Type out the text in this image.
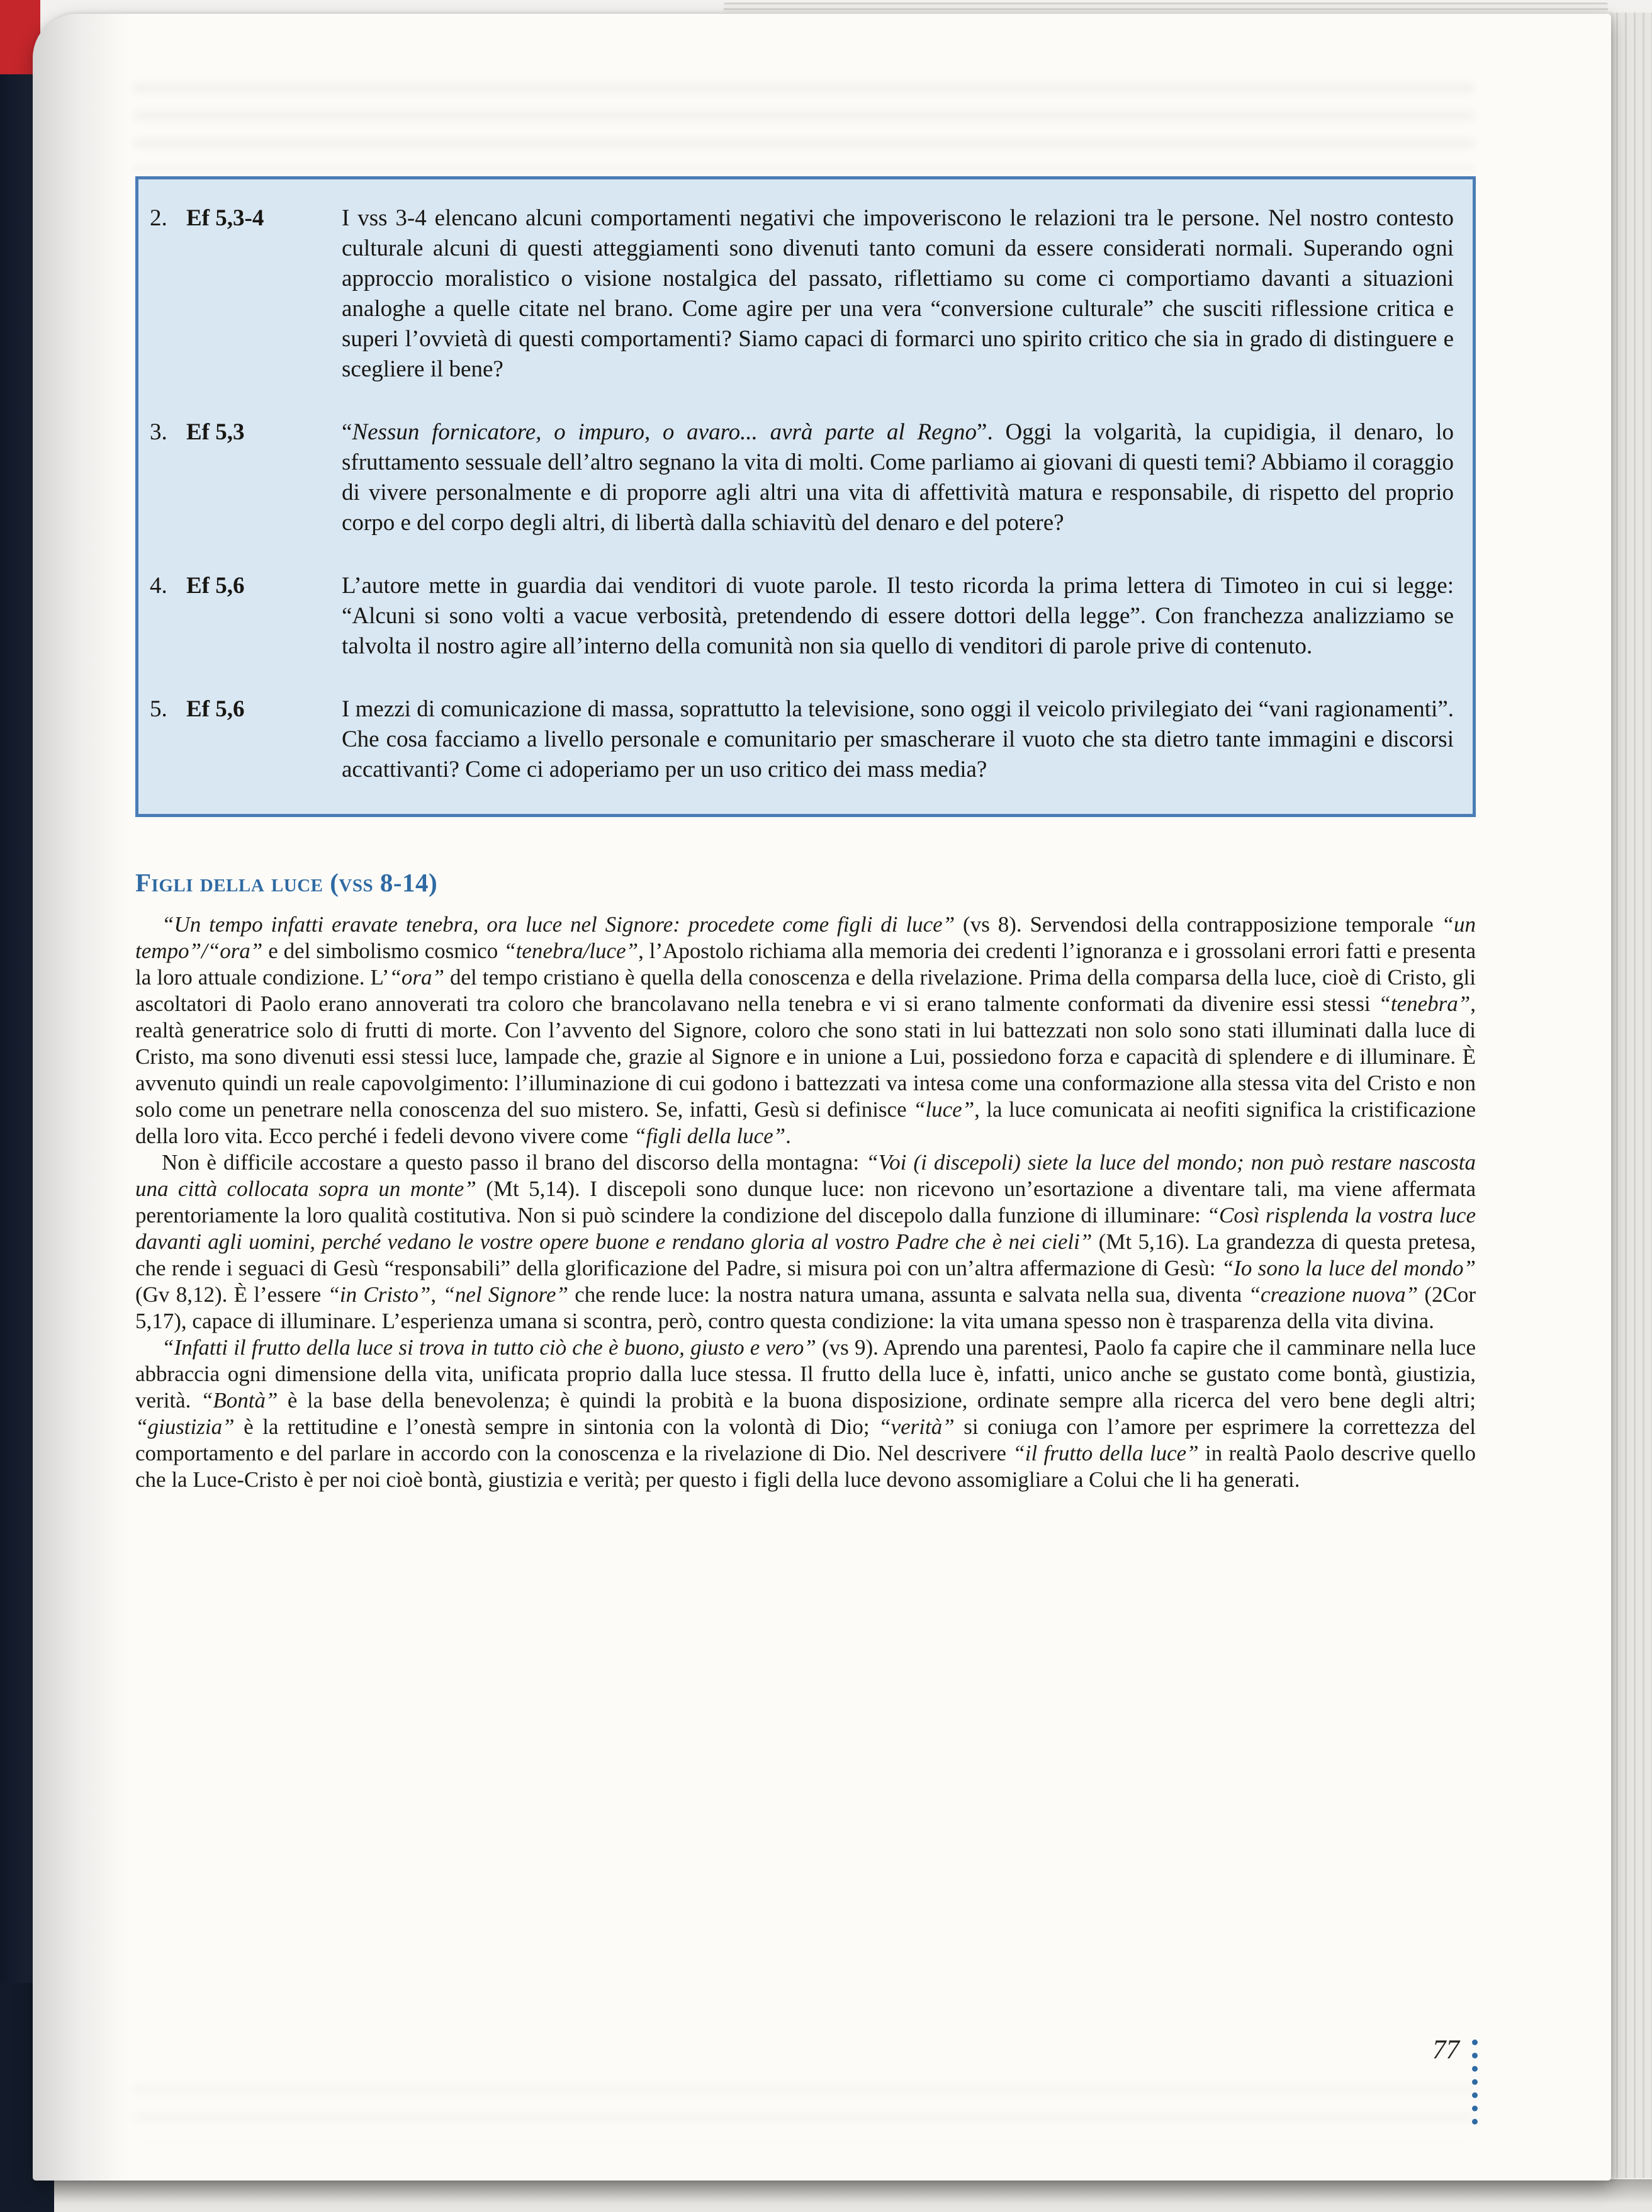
2. Ef 5,3-4	I vss 3-4 elencano alcuni comportamenti negativi che impoveriscono le relazioni tra le persone. Nel nostro contesto culturale alcuni di questi atteggiamenti sono divenuti tanto comuni da essere considerati normali. Superando ogni approccio moralistico o visione nostalgica del passato, riflettiamo su come ci comportiamo davanti a situazioni analoghe a quelle citate nel brano. Come agire per una vera “conversione culturale” che susciti riflessione critica e superi l’ovvietà di questi comportamenti? Siamo capaci di formarci uno spirito critico che sia in grado di distinguere e scegliere il bene?
3. Ef 5,3	“Nessun fornicatore, o impuro, o avaro... avrà parte al Regno”. Oggi la volgarità, la cupidigia, il denaro, lo sfruttamento sessuale dell’altro segnano la vita di molti. Come parliamo ai giovani di questi temi? Abbiamo il coraggio di vivere personalmente e di proporre agli altri una vita di affettività matura e responsabile, di rispetto del proprio corpo e del corpo degli altri, di libertà dalla schiavitù del denaro e del potere?
4. Ef 5,6	L’autore mette in guardia dai venditori di vuote parole. Il testo ricorda la prima lettera di Timoteo in cui si legge: “Alcuni si sono volti a vacue verbosità, pretendendo di essere dottori della legge”. Con franchezza analizziamo se talvolta il nostro agire all’interno della comunità non sia quello di venditori di parole prive di contenuto.
5. Ef 5,6	I mezzi di comunicazione di massa, soprattutto la televisione, sono oggi il veicolo privilegiato dei “vani ragionamenti”. Che cosa facciamo a livello personale e comunitario per smascherare il vuoto che sta dietro tante immagini e discorsi accattivanti? Come ci adoperiamo per un uso critico dei mass media?
Figli della luce (vss 8-14)

“Un tempo infatti eravate tenebra, ora luce nel Signore: procedete come figli di luce” (vs 8). Servendosi della contrapposizione temporale “un tempo”/“ora” e del simbolismo cosmico “tenebra/luce”, l’Apostolo richiama alla memoria dei credenti l’ignoranza e i grossolani errori fatti e presenta la loro attuale condizione. L’“ora” del tempo cristiano è quella della conoscenza e della rivelazione. Prima della comparsa della luce, cioè di Cristo, gli ascoltatori di Paolo erano annoverati tra coloro che brancolavano nella tenebra e vi si erano talmente conformati da divenire essi stessi “tenebra”, realtà generatrice solo di frutti di morte. Con l’avvento del Signore, coloro che sono stati in lui battezzati non solo sono stati illuminati dalla luce di Cristo, ma sono divenuti essi stessi luce, lampade che, grazie al Signore e in unione a Lui, possiedono forza e capacità di splendere e di illuminare. È avvenuto quindi un reale capovolgimento: l’illuminazione di cui godono i battezzati va intesa come una conformazione alla stessa vita del Cristo e non solo come un penetrare nella conoscenza del suo mistero. Se, infatti, Gesù si definisce “luce”, la luce comunicata ai neofiti significa la cristificazione della loro vita. Ecco perché i fedeli devono vivere come “figli della luce”.

Non è difficile accostare a questo passo il brano del discorso della montagna: “Voi (i discepoli) siete la luce del mondo; non può restare nascosta una città collocata sopra un monte” (Mt 5,14). I discepoli sono dunque luce: non ricevono un’esortazione a diventare tali, ma viene affermata perentoriamente la loro qualità costitutiva. Non si può scindere la condizione del discepolo dalla funzione di illuminare: “Così risplenda la vostra luce davanti agli uomini, perché vedano le vostre opere buone e rendano gloria al vostro Padre che è nei cieli” (Mt 5,16). La grandezza di questa pretesa, che rende i seguaci di Gesù “responsabili” della glorificazione del Padre, si misura poi con un’altra affermazione di Gesù: “Io sono la luce del mondo” (Gv 8,12). È l’essere “in Cristo”, “nel Signore” che rende luce: la nostra natura umana, assunta e salvata nella sua, diventa “creazione nuova” (2Cor 5,17), capace di illuminare. L’esperienza umana si scontra, però, contro questa condizione: la vita umana spesso non è trasparenza della vita divina.

“Infatti il frutto della luce si trova in tutto ciò che è buono, giusto e vero” (vs 9). Aprendo una parentesi, Paolo fa capire che il camminare nella luce abbraccia ogni dimensione della vita, unificata proprio dalla luce stessa. Il frutto della luce è, infatti, unico anche se gustato come bontà, giustizia, verità. “Bontà” è la base della benevolenza; è quindi la probità e la buona disposizione, ordinate sempre alla ricerca del vero bene degli altri; “giustizia” è la rettitudine e l’onestà sempre in sintonia con la volontà di Dio; “verità” si coniuga con l’amore per esprimere la correttezza del comportamento e del parlare in accordo con la conoscenza e la rivelazione di Dio. Nel descrivere “il frutto della luce” in realtà Paolo descrive quello che la Luce-Cristo è per noi cioè bontà, giustizia e verità; per questo i figli della luce devono assomigliare a Colui che li ha generati.

77
